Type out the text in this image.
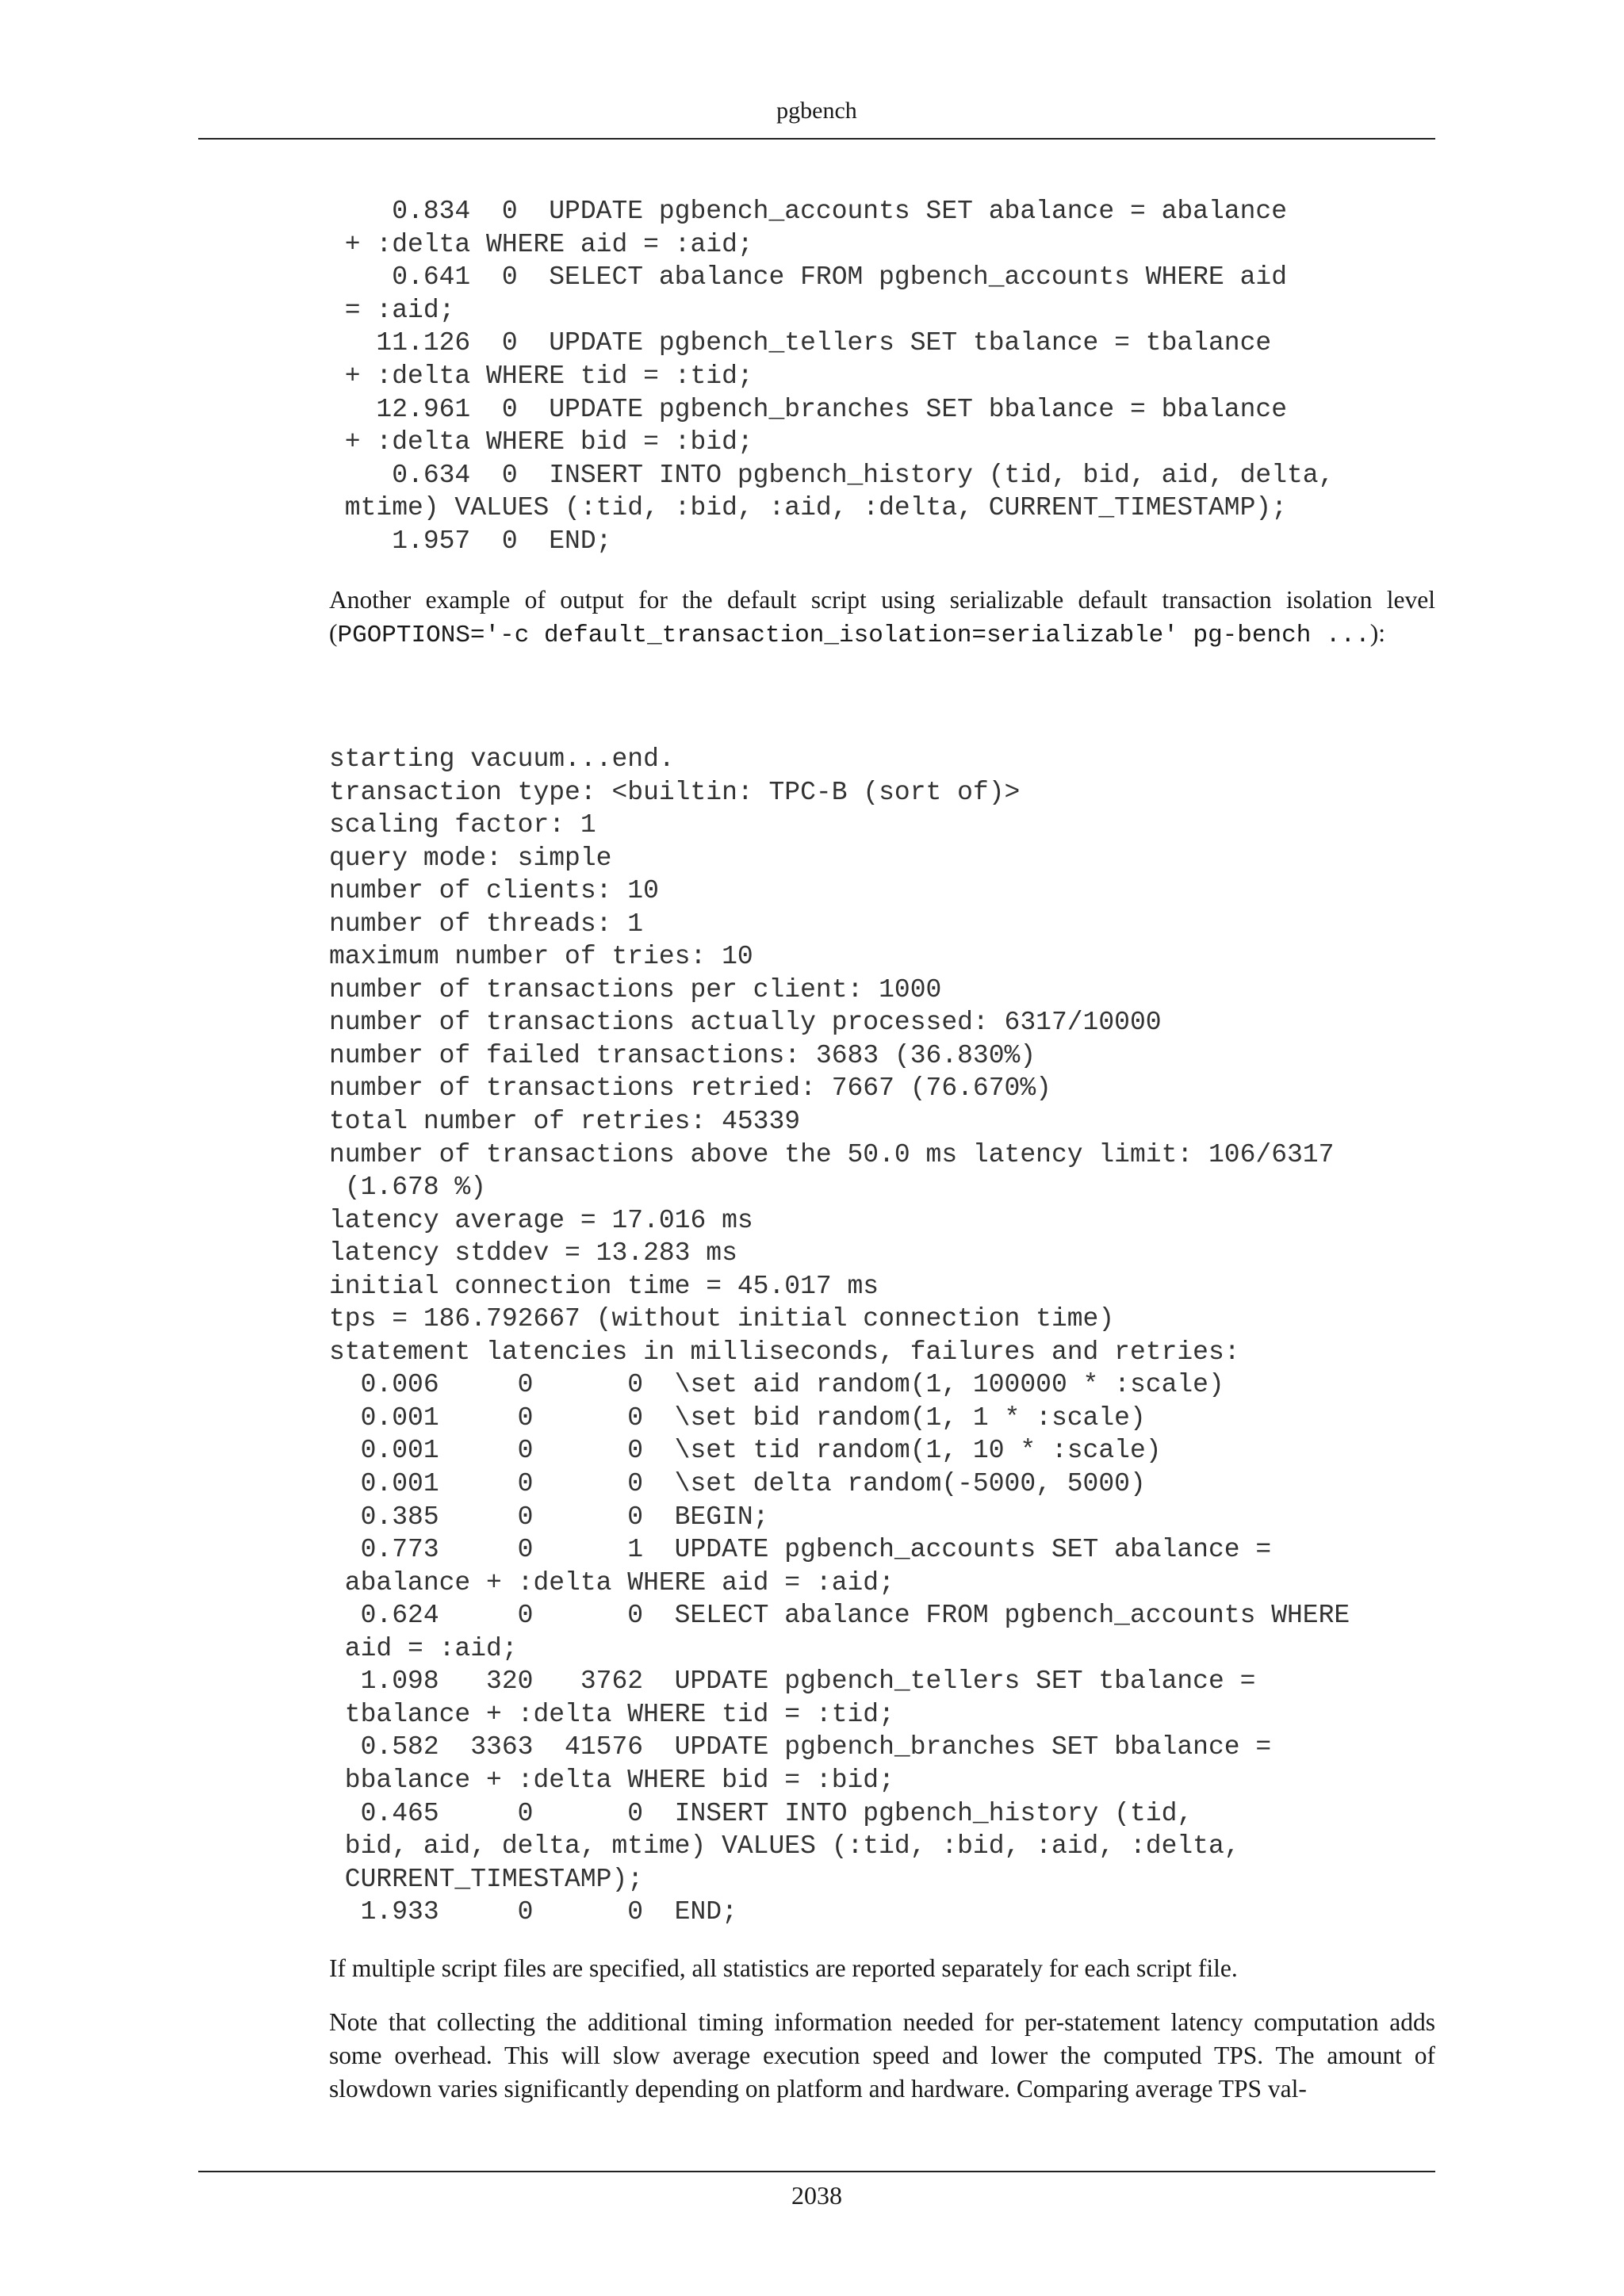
pgbench
0.834  0  UPDATE pgbench_accounts SET abalance = abalance
+ :delta WHERE aid = :aid;
0.641  0  SELECT abalance FROM pgbench_accounts WHERE aid
= :aid;
11.126  0  UPDATE pgbench_tellers SET tbalance = tbalance
+ :delta WHERE tid = :tid;
12.961  0  UPDATE pgbench_branches SET bbalance = bbalance
+ :delta WHERE bid = :bid;
0.634  0  INSERT INTO pgbench_history (tid, bid, aid, delta,
mtime) VALUES (:tid, :bid, :aid, :delta, CURRENT_TIMESTAMP);
1.957  0  END;
Another example of output for the default script using serializable default transaction isolation level (PGOPTIONS='-c default_transaction_isolation=serializable' pg-bench ...):
starting vacuum...end.
transaction type: <builtin: TPC-B (sort of)>
scaling factor: 1
query mode: simple
number of clients: 10
number of threads: 1
maximum number of tries: 10
number of transactions per client: 1000
number of transactions actually processed: 6317/10000
number of failed transactions: 3683 (36.830%)
number of transactions retried: 7667 (76.670%)
total number of retries: 45339
number of transactions above the 50.0 ms latency limit: 106/6317
(1.678 %)
latency average = 17.016 ms
latency stddev = 13.283 ms
initial connection time = 45.017 ms
tps = 186.792667 (without initial connection time)
statement latencies in milliseconds, failures and retries:
0.006     0      0  \set aid random(1, 100000 * :scale)
0.001     0      0  \set bid random(1, 1 * :scale)
0.001     0      0  \set tid random(1, 10 * :scale)
0.001     0      0  \set delta random(-5000, 5000)
0.385     0      0  BEGIN;
0.773     0      1  UPDATE pgbench_accounts SET abalance =
abalance + :delta WHERE aid = :aid;
0.624     0      0  SELECT abalance FROM pgbench_accounts WHERE
aid = :aid;
1.098   320   3762  UPDATE pgbench_tellers SET tbalance =
tbalance + :delta WHERE tid = :tid;
0.582  3363  41576  UPDATE pgbench_branches SET bbalance =
bbalance + :delta WHERE bid = :bid;
0.465     0      0  INSERT INTO pgbench_history (tid,
bid, aid, delta, mtime) VALUES (:tid, :bid, :aid, :delta,
CURRENT_TIMESTAMP);
1.933     0      0  END;
If multiple script files are specified, all statistics are reported separately for each script file.
Note that collecting the additional timing information needed for per-statement latency computation adds some overhead. This will slow average execution speed and lower the computed TPS. The amount of slowdown varies significantly depending on platform and hardware. Comparing average TPS val-
2038
